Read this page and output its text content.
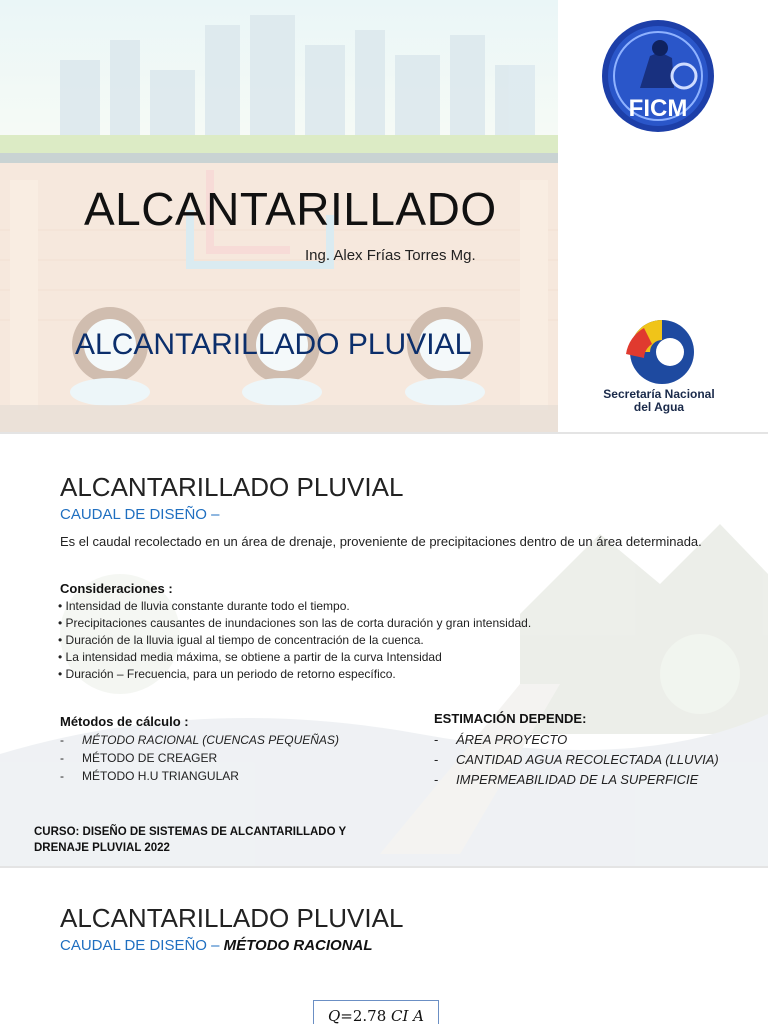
ALCANTARILLADO
Ing. Alex Frías Torres Mg.
ALCANTARILLADO PLUVIAL
FICM
Secretaría Nacional
del Agua
ALCANTARILLADO PLUVIAL
CAUDAL DE DISEÑO –
Es el caudal recolectado en un área de drenaje, proveniente de precipitaciones dentro de un área determinada.
Consideraciones :
• Intensidad de lluvia constante durante todo el tiempo.
• Precipitaciones causantes de inundaciones son las de corta duración y gran intensidad.
• Duración de la lluvia igual al tiempo de concentración de la cuenca.
• La intensidad media máxima, se obtiene a partir de la curva Intensidad
• Duración – Frecuencia, para un periodo de retorno específico.
Métodos de cálculo :
- MÉTODO RACIONAL (CUENCAS PEQUEÑAS)
- MÉTODO DE CREAGER
- MÉTODO H.U TRIANGULAR
ESTIMACIÓN DEPENDE:
- ÁREA PROYECTO
- CANTIDAD AGUA RECOLECTADA (LLUVIA)
- IMPERMEABILIDAD DE LA SUPERFICIE
CURSO: DISEÑO DE SISTEMAS DE ALCANTARILLADO Y
DRENAJE PLUVIAL 2022
ALCANTARILLADO PLUVIAL
CAUDAL DE DISEÑO – MÉTODO RACIONAL
Q=2.78 CI A
